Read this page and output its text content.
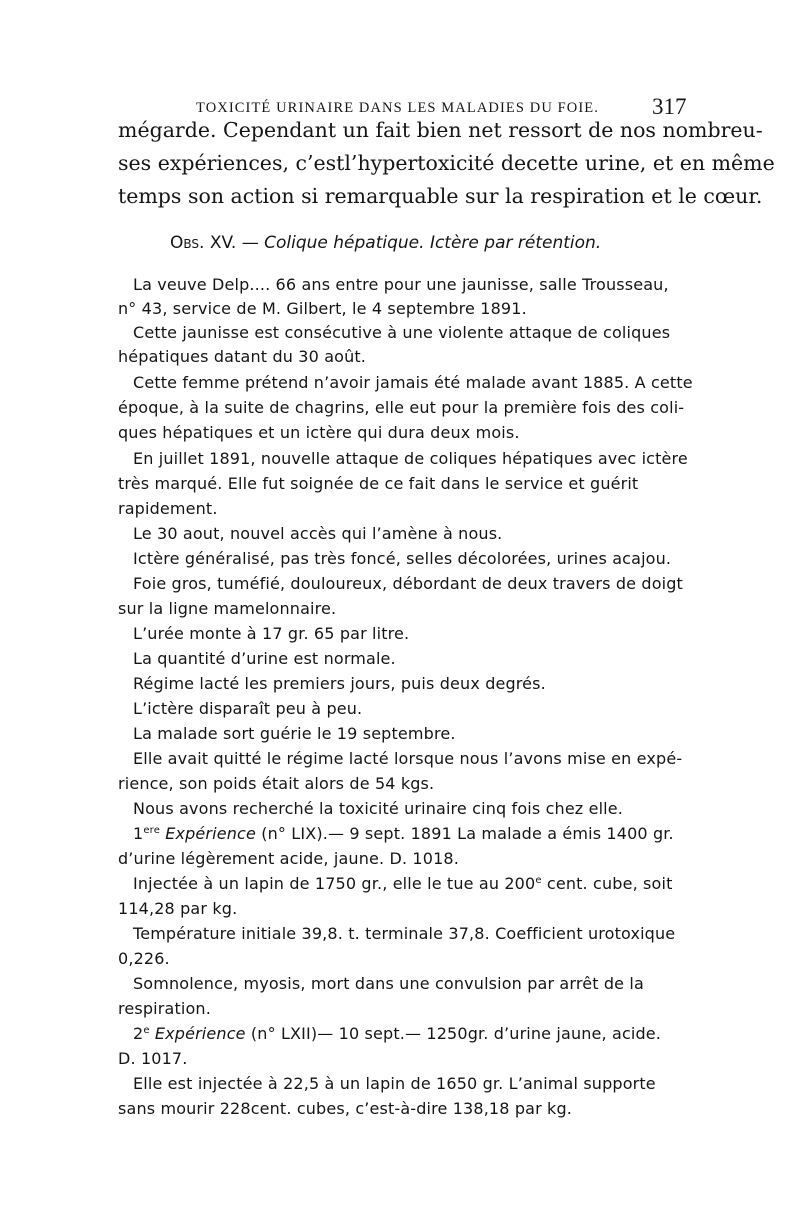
TOXICITÉ URINAIRE DANS LES MALADIES DU FOIE.	317

mégarde. Cependant un fait bien net ressort de nos nombreu-

ses expériences, c’estl’hypertoxicité decette urine, et en même

temps son action si remarquable sur la respiration et le cœur.

Obs. XV. — Colique hépatique. Ictère par rétention.

La veuve Delp.... 66 ans entre pour une jaunisse, salle Trousseau,

n° 43, service de M. Gilbert, le 4 septembre 1891.

Cette jaunisse est consécutive à une violente attaque de coliques

hépatiques datant du 30 août.

Cette femme prétend n’avoir jamais été malade avant 1885. A cette

époque, à la suite de chagrins, elle eut pour la première fois des coli-

ques hépatiques et un ictère qui dura deux mois.

En juillet 1891, nouvelle attaque de coliques hépatiques avec ictère

très marqué. Elle fut soignée de ce fait dans le service et guérit

rapidement.

Le 30 aout, nouvel accès qui l’amène à nous.

Ictère généralisé, pas très foncé, selles décolorées, urines acajou.

Foie gros, tuméfié, douloureux, débordant de deux travers de doigt

sur la ligne mamelonnaire.

L’urée monte à 17 gr. 65 par litre.

La quantité d’urine est normale.

Régime lacté les premiers jours, puis deux degrés.

L’ictère disparaît peu à peu.

La malade sort guérie le 19 septembre.

Elle avait quitté le régime lacté lorsque nous l’avons mise en expé-

rience, son poids était alors de 54 kgs.

Nous avons recherché la toxicité urinaire cinq fois chez elle.

1ere Expérience (n° LIX).— 9 sept. 1891 La malade a émis 1400 gr.

d’urine légèrement acide, jaune. D. 1018.

Injectée à un lapin de 1750 gr., elle le tue au 200e cent. cube, soit

114,28 par kg.

Température initiale 39,8. t. terminale 37,8. Coefficient urotoxique

0,226.

Somnolence, myosis, mort dans une convulsion par arrêt de la

respiration.

2e Expérience (n° LXII)— 10 sept.— 1250gr. d’urine jaune, acide.

D. 1017.

Elle est injectée à 22,5 à un lapin de 1650 gr. L’animal supporte

sans mourir 228cent. cubes, c’est-à-dire 138,18 par kg.
